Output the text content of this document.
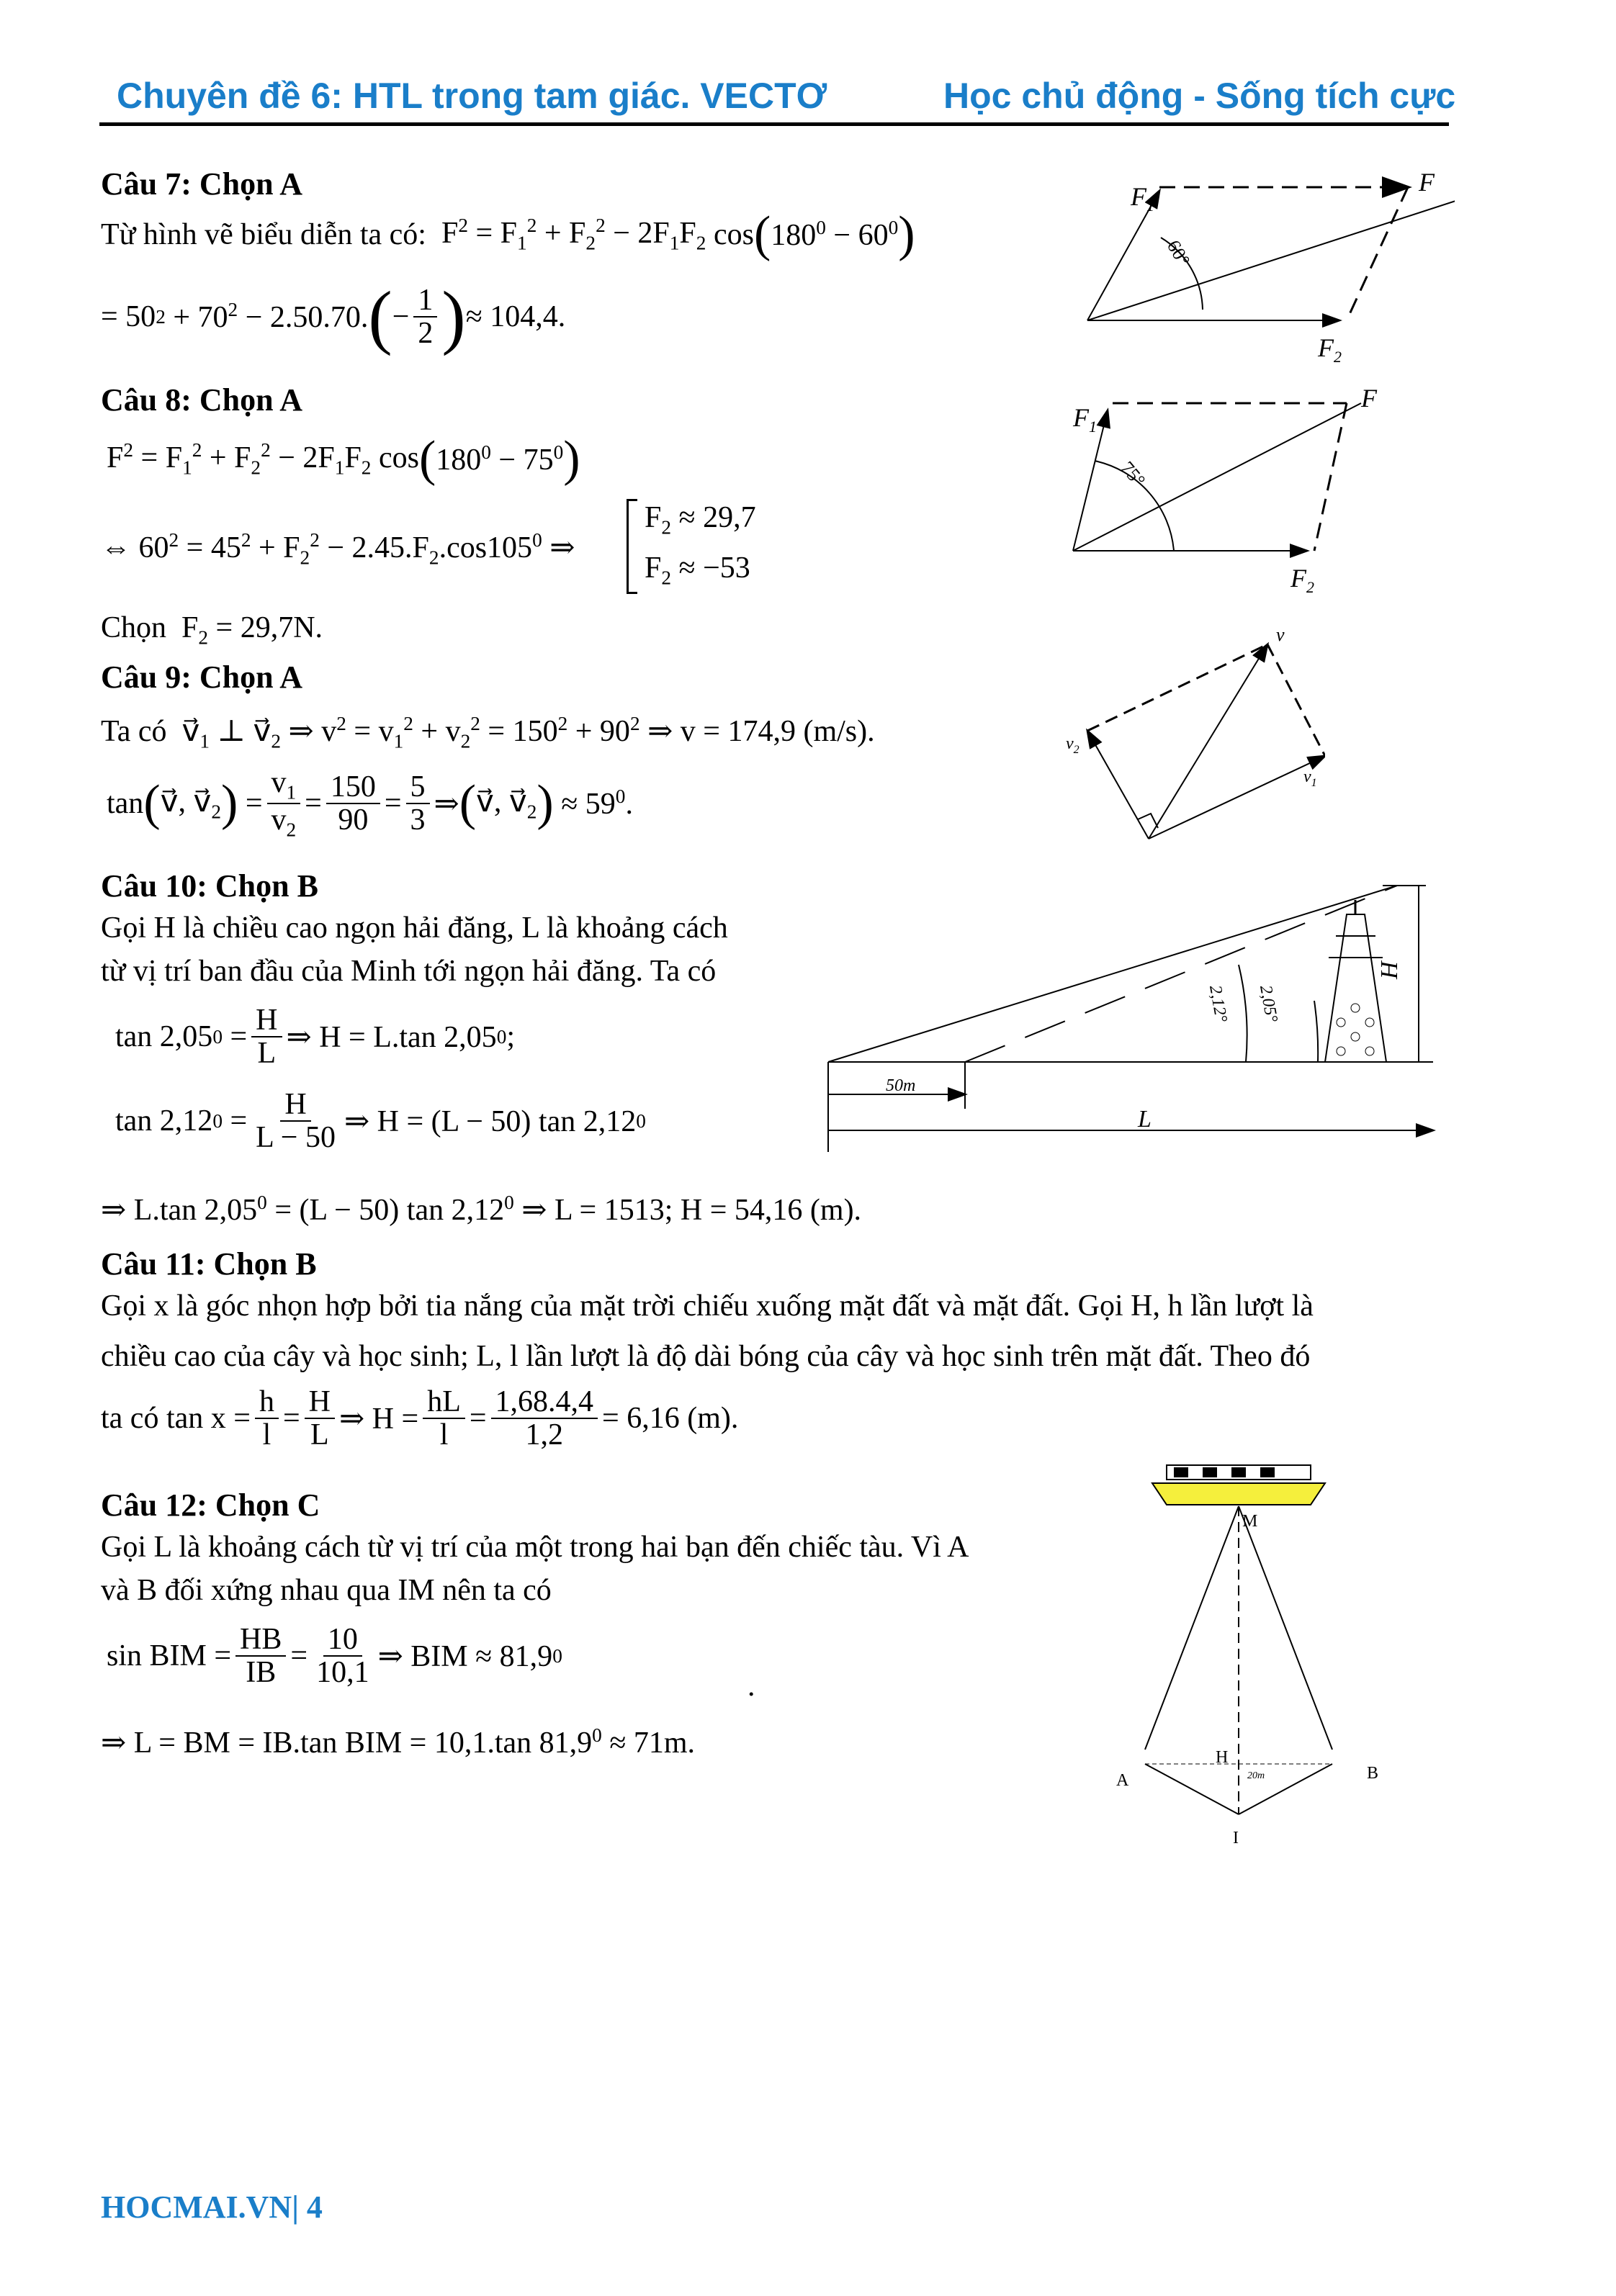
Chuyên đề 6: HTL trong tam giác. VECTƠ	Học chủ động - Sống tích cực
Câu 7: Chọn A
Từ hình vẽ biểu diễn ta có:
$F^2 = F_1^2 + F_2^2 - 2F_1F_2$ cos ( $180^0 - 60^0$ )
= 50 $2 + 70^2 - 2.50.70$. ( − $\frac{1}{2}$ ) ≈ 104,4.
Câu 8: Chọn A
$F^2 = F_1^2 + F_2^2 - 2F_1F_2$ cos ( $180^0 - 75^0$ )
⇔ $60^2 = 45^2 + F_2^2 - 2.45.F_2.\cos 105^0$ ⇒
$F_2 \approx 29,7$
$F_2 \approx -53$
Chọn  $F_2 = 29,7N$.
Câu 9: Chọn A
Ta có  $v⃗_1$ ⊥ $v⃗_2$ ⇒ $v^2 = v_1^2 + v_2^2 = 150^2 + 90^2$ ⇒ v = 174,9 (m/s).
tan ( v⃗, $v⃗_2$ ) = $\frac{v_1}{v_2} = \frac{150}{90} = \frac{5}{3}$ ⇒ ( v⃗, $v⃗_2$ ) ≈ $59^0$.
Câu 10: Chọn B
Gọi H là chiều cao ngọn hải đăng, L là khoảng cách
từ vị trí ban đầu của Minh tới ngọn hải đăng. Ta có
tan 2,05 $0 = \frac{H}{L}$ ⇒ H = L.tan 2,05 0 ;
tan 2,12 $0 = \frac{H}{L - 50}$ ⇒ H = (L − 50) tan 2,12 0
⇒ L.tan $2,05^0 = (L - 50)$ tan 2,12$^0$ ⇒ L = 1513; H = 54,16 (m).
Câu 11: Chọn B
Gọi x là góc nhọn hợp bởi tia nắng của mặt trời chiếu xuống mặt đất và mặt đất. Gọi H, h lần lượt là
chiều cao của cây và học sinh; L, l lần lượt là độ dài bóng của cây và học sinh trên mặt đất. Theo đó
ta có $\tan x = \frac{h}{l} = \frac{H}{L}$ ⇒ $H = \frac{hL}{l} = \frac{1,68.4,4}{1,2} = 6,16$ (m).
Câu 12: Chọn C
Gọi L là khoảng cách từ vị trí của một trong hai bạn đến chiếc tàu. Vì A
và B đối xứng nhau qua IM nên ta có
sin BIM = $\frac{HB}{IB} = \frac{10}{10,1}$ ⇒ BIM ≈ 81,9 0
.
⇒ L = BM = IB.tan BIM = 10,1.tan $81,9^0 \approx 71m$.
$F_1$
F
$F_2$
60°
$F_1$
F
$F_2$
75°
v
$v_2$
$v_1$
50m
L
H
2,12° 2,05°
M
A	B
H
I
20m
HOCMAI.VN| 4
